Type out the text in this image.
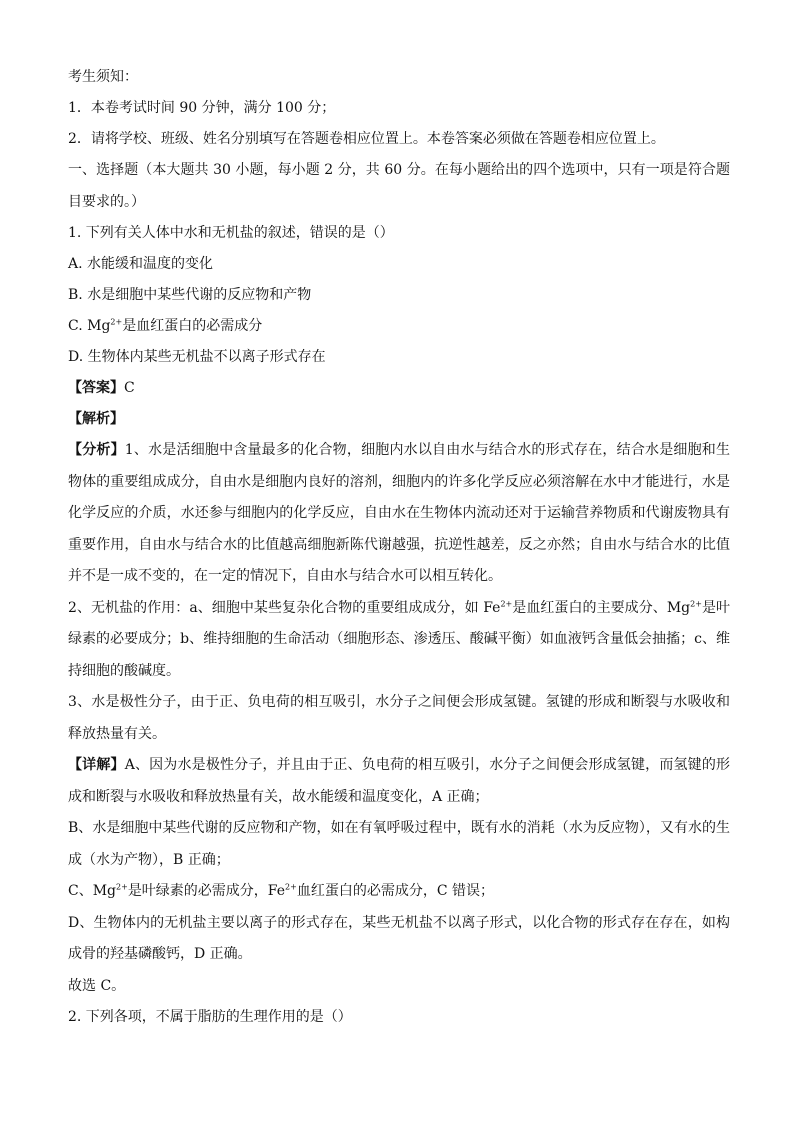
考生须知：
1．本卷考试时间 90 分钟，满分 100 分；
2．请将学校、班级、姓名分别填写在答题卷相应位置上。本卷答案必须做在答题卷相应位置上。
一、选择题（本大题共 30 小题，每小题 2 分，共 60 分。在每小题给出的四个选项中，只有一项是符合题目要求的。）
1. 下列有关人体中水和无机盐的叙述，错误的是（）
A. 水能缓和温度的变化
B. 水是细胞中某些代谢的反应物和产物
C. $Mg^{2+}$是血红蛋白的必需成分
D. 生物体内某些无机盐不以离子形式存在
【答案】C
【解析】
【分析】1、水是活细胞中含量最多的化合物，细胞内水以自由水与结合水的形式存在，结合水是细胞和生物体的重要组成成分，自由水是细胞内良好的溶剂，细胞内的许多化学反应必须溶解在水中才能进行，水是化学反应的介质，水还参与细胞内的化学反应，自由水在生物体内流动还对于运输营养物质和代谢废物具有重要作用，自由水与结合水的比值越高细胞新陈代谢越强，抗逆性越差，反之亦然；自由水与结合水的比值并不是一成不变的，在一定的情况下，自由水与结合水可以相互转化。
2、无机盐的作用：a、细胞中某些复杂化合物的重要组成成分，如 $Fe^{2+}$是血红蛋白的主要成分、$Mg^{2+}$是叶绿素的必要成分；b、维持细胞的生命活动（细胞形态、渗透压、酸碱平衡）如血液钙含量低会抽搐；c、维持细胞的酸碱度。
3、水是极性分子，由于正、负电荷的相互吸引，水分子之间便会形成氢键。氢键的形成和断裂与水吸收和释放热量有关。
【详解】A、因为水是极性分子，并且由于正、负电荷的相互吸引，水分子之间便会形成氢键，而氢键的形成和断裂与水吸收和释放热量有关，故水能缓和温度变化，A 正确；
B、水是细胞中某些代谢的反应物和产物，如在有氧呼吸过程中，既有水的消耗（水为反应物），又有水的生成（水为产物），B 正确；
C、$Mg^{2+}$是叶绿素的必需成分，$Fe^{2+}$血红蛋白的必需成分，C 错误；
D、生物体内的无机盐主要以离子的形式存在，某些无机盐不以离子形式，以化合物的形式存在存在，如构成骨的羟基磷酸钙，D 正确。
故选 C。
2. 下列各项，不属于脂肪的生理作用的是（）
